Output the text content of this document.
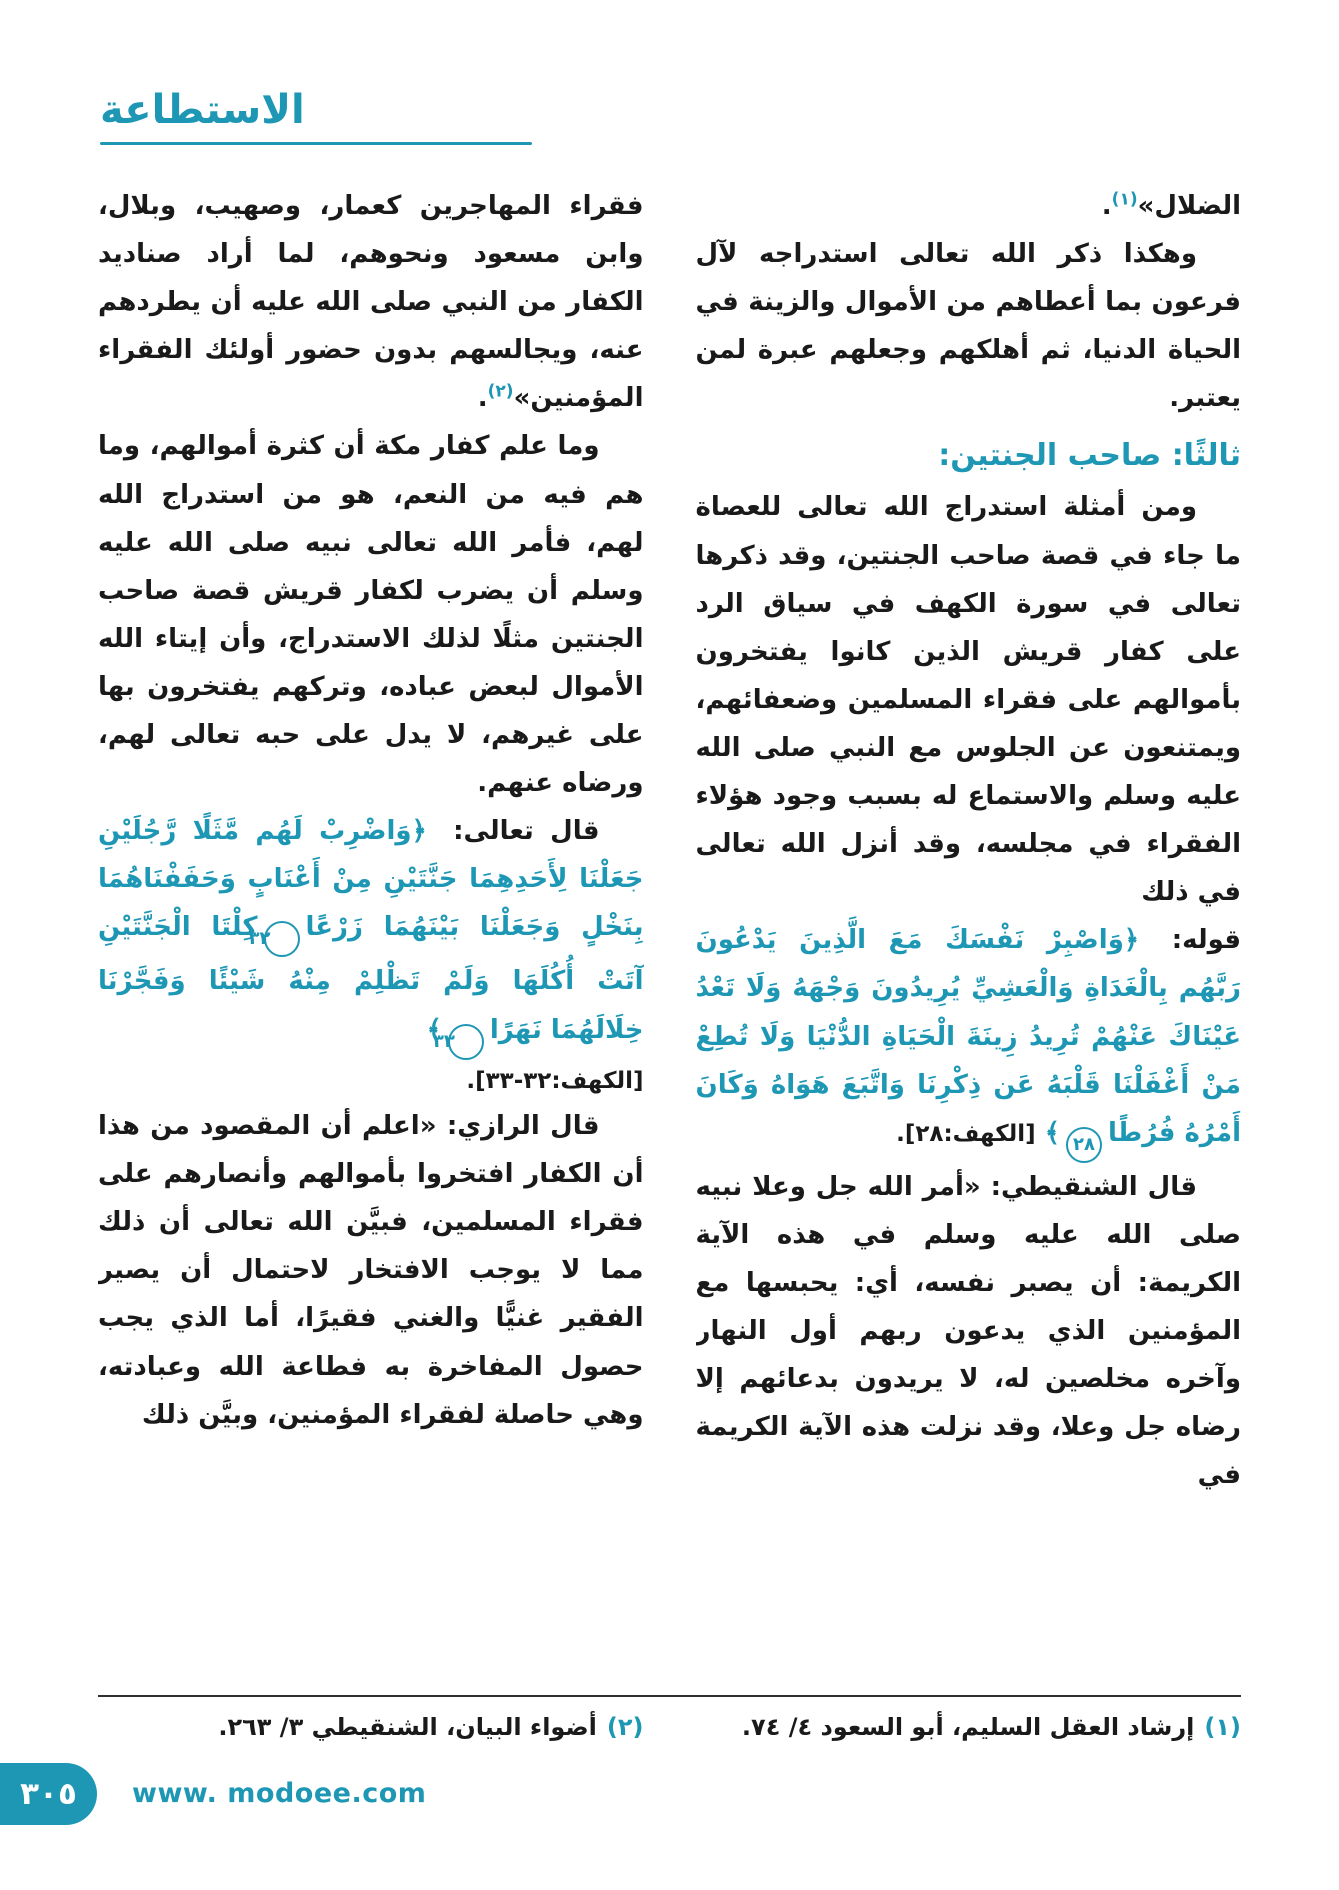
الاستطاعة

الضلال»$^{(١)}$.

وهكذا ذكر الله تعالى استدراجه لآل فرعون بما أعطاهم من الأموال والزينة في الحياة الدنيا، ثم أهلكهم وجعلهم عبرة لمن يعتبر.

ثالثًا: صاحب الجنتين:

ومن أمثلة استدراج الله تعالى للعصاة ما جاء في قصة صاحب الجنتين، وقد ذكرها تعالى في سورة الكهف في سياق الرد على كفار قريش الذين كانوا يفتخرون بأموالهم على فقراء المسلمين وضعفائهم، ويمتنعون عن الجلوس مع النبي صلى الله عليه وسلم والاستماع له بسبب وجود هؤلاء الفقراء في مجلسه، وقد أنزل الله تعالى في ذلك

قوله: ﴿وَاصْبِرْ نَفْسَكَ مَعَ الَّذِينَ يَدْعُونَ رَبَّهُم بِالْغَدَاةِ وَالْعَشِيِّ يُرِيدُونَ وَجْهَهُ وَلَا تَعْدُ عَيْنَاكَ عَنْهُمْ تُرِيدُ زِينَةَ الْحَيَاةِ الدُّنْيَا وَلَا تُطِعْ مَنْ أَغْفَلْنَا قَلْبَهُ عَن ذِكْرِنَا وَاتَّبَعَ هَوَاهُ وَكَانَ أَمْرُهُ فُرُطًا٢٨﴾ [الكهف:٢٨].

قال الشنقيطي: «أمر الله جل وعلا نبيه صلى الله عليه وسلم في هذه الآية الكريمة: أن يصبر نفسه، أي: يحبسها مع المؤمنين الذي يدعون ربهم أول النهار وآخره مخلصين له، لا يريدون بدعائهم إلا رضاه جل وعلا، وقد نزلت هذه الآية الكريمة في

فقراء المهاجرين كعمار، وصهيب، وبلال، وابن مسعود ونحوهم، لما أراد صناديد الكفار من النبي صلى الله عليه أن يطردهم عنه، ويجالسهم بدون حضور أولئك الفقراء المؤمنين»$^{(٢)}$.

وما علم كفار مكة أن كثرة أموالهم، وما هم فيه من النعم، هو من استدراج الله لهم، فأمر الله تعالى نبيه صلى الله عليه وسلم أن يضرب لكفار قريش قصة صاحب الجنتين مثلًا لذلك الاستدراج، وأن إيتاء الله الأموال لبعض عباده، وتركهم يفتخرون بها على غيرهم، لا يدل على حبه تعالى لهم، ورضاه عنهم.

قال تعالى: ﴿وَاضْرِبْ لَهُم مَّثَلًا رَّجُلَيْنِ جَعَلْنَا لِأَحَدِهِمَا جَنَّتَيْنِ مِنْ أَعْنَابٍ وَحَفَفْنَاهُمَا بِنَخْلٍ وَجَعَلْنَا بَيْنَهُمَا زَرْعًا٣٢كِلْتَا الْجَنَّتَيْنِ آتَتْ أُكُلَهَا وَلَمْ تَظْلِمْ مِنْهُ شَيْئًا وَفَجَّرْنَا خِلَالَهُمَا نَهَرًا٣٣﴾

[الكهف:٣٢-٣٣].

قال الرازي: «اعلم أن المقصود من هذا أن الكفار افتخروا بأموالهم وأنصارهم على فقراء المسلمين، فبيَّن الله تعالى أن ذلك مما لا يوجب الافتخار لاحتمال أن يصير الفقير غنيًّا والغني فقيرًا، أما الذي يجب حصول المفاخرة به فطاعة الله وعبادته، وهي حاصلة لفقراء المؤمنين، وبيَّن ذلك

(١)إرشاد العقل السليم، أبو السعود ٤/ ٧٤.
(٢)أضواء البيان، الشنقيطي ٣/ ٢٦٣.
٣٠٥	www. modoee.com
